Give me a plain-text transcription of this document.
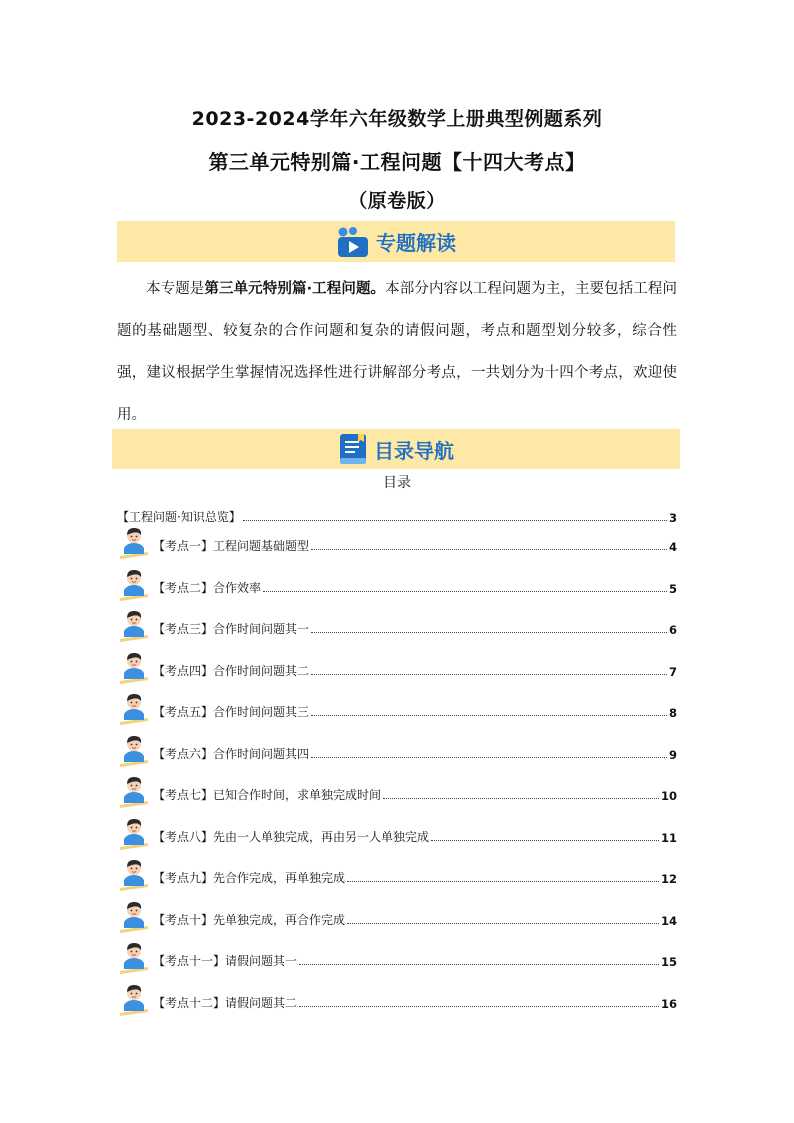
2023-2024学年六年级数学上册典型例题系列
第三单元特别篇·工程问题【十四大考点】
（原卷版）
专题解读

本专题是第三单元特别篇·工程问题。本部分内容以工程问题为主，主要包括工程问题的基础题型、较复杂的合作问题和复杂的请假问题，考点和题型划分较多，综合性强，建议根据学生掌握情况选择性进行讲解部分考点，一共划分为十四个考点，欢迎使用。

目录导航
目录
【工程问题·知识总览】	3
【考点一】工程问题基础题型	4
【考点二】合作效率	5
【考点三】合作时间问题其一	6
【考点四】合作时间问题其二	7
【考点五】合作时间问题其三	8
【考点六】合作时间问题其四	9
【考点七】已知合作时间，求单独完成时间	10
【考点八】先由一人单独完成，再由另一人单独完成	11
【考点九】先合作完成，再单独完成	12
【考点十】先单独完成，再合作完成	14
【考点十一】请假问题其一	15
【考点十二】请假问题其二	16
